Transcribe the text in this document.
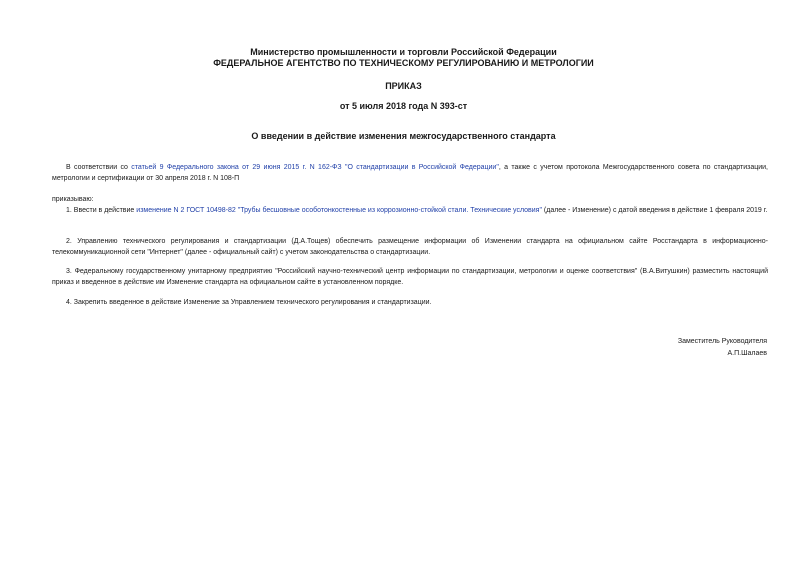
Министерство промышленности и торговли Российской Федерации
ФЕДЕРАЛЬНОЕ АГЕНТСТВО ПО ТЕХНИЧЕСКОМУ РЕГУЛИРОВАНИЮ И МЕТРОЛОГИИ
ПРИКАЗ
от 5 июля 2018 года N 393-ст
О введении в действие изменения межгосударственного стандарта
В соответствии со статьей 9 Федерального закона от 29 июня 2015 г. N 162-ФЗ "О стандартизации в Российской Федерации", а также с учетом протокола Межгосударственного совета по стандартизации, метрологии и сертификации от 30 апреля 2018 г. N 108-П
приказываю:
1. Ввести в действие изменение N 2 ГОСТ 10498-82 "Трубы бесшовные особотонкостенные из коррозионно-стойкой стали. Технические условия" (далее - Изменение) с датой введения в действие 1 февраля 2019 г.
2. Управлению технического регулирования и стандартизации (Д.А.Тощев) обеспечить размещение информации об Изменении стандарта на официальном сайте Росстандарта в информационно-телекоммуникационной сети "Интернет" (далее - официальный сайт) с учетом законодательства о стандартизации.
3. Федеральному государственному унитарному предприятию "Российский научно-технический центр информации по стандартизации, метрологии и оценке соответствия" (В.А.Витушкин) разместить настоящий приказ и введенное в действие им Изменение стандарта на официальном сайте в установленном порядке.
4. Закрепить введенное в действие Изменение за Управлением технического регулирования и стандартизации.
Заместитель Руководителя
А.П.Шалаев
